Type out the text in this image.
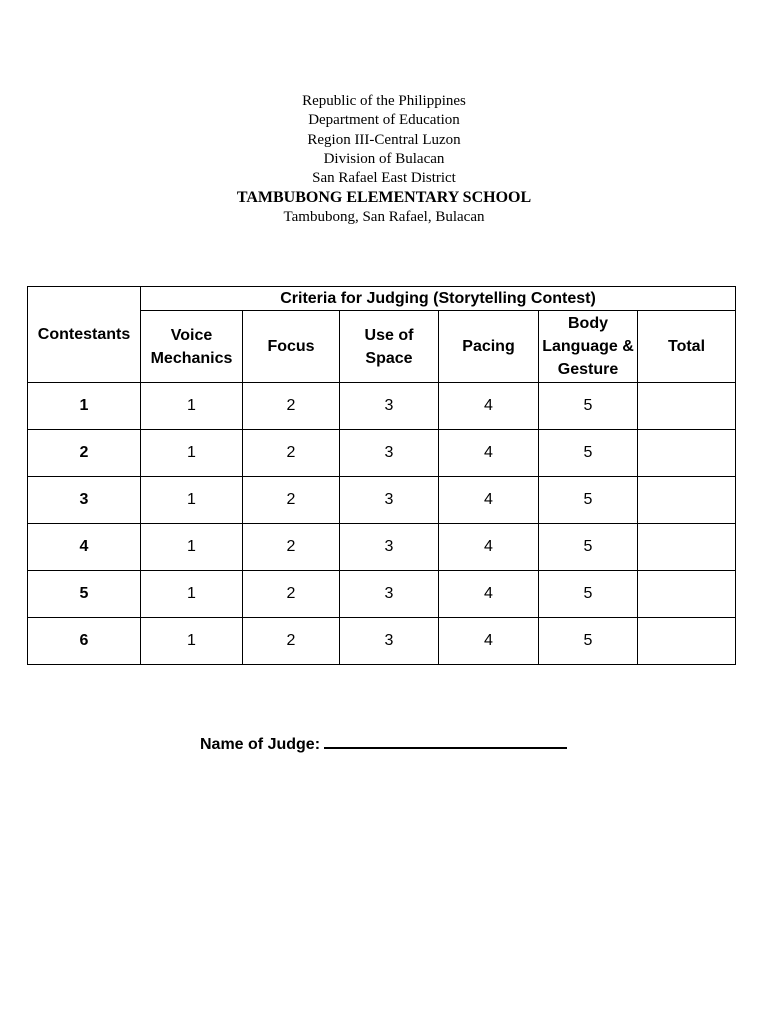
Republic of the Philippines
Department of Education
Region III-Central Luzon
Division of Bulacan
San Rafael East District
TAMBUBONG ELEMENTARY SCHOOL
Tambubong, San Rafael, Bulacan
Contestants	Criteria for Judging (Storytelling Contest)					
	Voice Mechanics	Focus	Use of Space	Pacing	Body Language & Gesture	Total
1	1	2	3	4	5	
2	1	2	3	4	5	
3	1	2	3	4	5	
4	1	2	3	4	5	
5	1	2	3	4	5	
6	1	2	3	4	5	
Name of Judge:
